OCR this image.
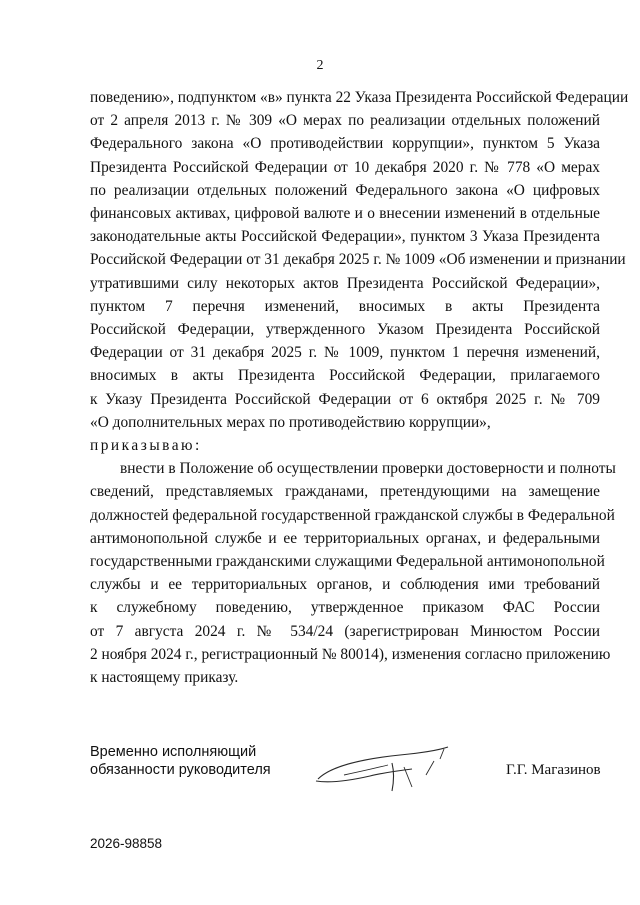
2
поведению», подпунктом «в» пункта 22 Указа Президента Российской Федерации
от 2 апреля 2013 г. № 309 «О мерах по реализации отдельных положений
Федерального закона «О противодействии коррупции», пунктом 5 Указа
Президента Российской Федерации от 10 декабря 2020 г. № 778 «О мерах
по реализации отдельных положений Федерального закона «О цифровых
финансовых активах, цифровой валюте и о внесении изменений в отдельные
законодательные акты Российской Федерации», пунктом 3 Указа Президента
Российской Федерации от 31 декабря 2025 г. № 1009 «Об изменении и признании
утратившими силу некоторых актов Президента Российской Федерации»,
пунктом 7 перечня изменений, вносимых в акты Президента
Российской Федерации, утвержденного Указом Президента Российской
Федерации от 31 декабря 2025 г. № 1009, пунктом 1 перечня изменений,
вносимых в акты Президента Российской Федерации, прилагаемого
к Указу Президента Российской Федерации от 6 октября 2025 г. № 709
«О дополнительных мерах по противодействию коррупции»,
приказываю:
внести в Положение об осуществлении проверки достоверности и полноты
сведений, представляемых гражданами, претендующими на замещение
должностей федеральной государственной гражданской службы в Федеральной
антимонопольной службе и ее территориальных органах, и федеральными
государственными гражданскими служащими Федеральной антимонопольной
службы и ее территориальных органов, и соблюдения ими требований
к служебному поведению, утвержденное приказом ФАС России
от 7 августа 2024 г. № 534/24 (зарегистрирован Минюстом России
2 ноября 2024 г., регистрационный № 80014), изменения согласно приложению
к настоящему приказу.
Временно исполняющий
обязанности руководителя	Г.Г. Магазинов
2026-98858
